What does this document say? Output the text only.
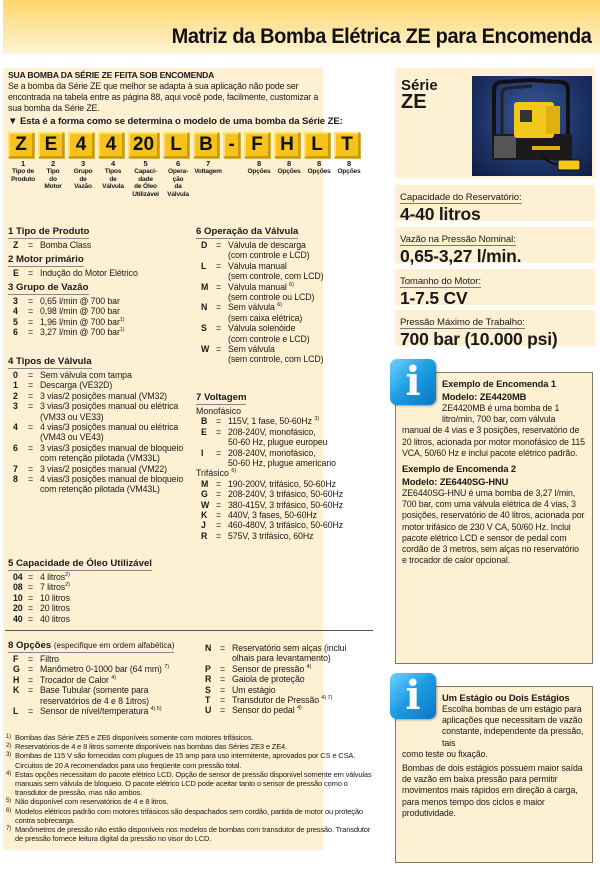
Matriz da Bomba Elétrica ZE para Encomenda
SUA BOMBA DA SÉRIE ZE FEITA SOB ENCOMENDA
Se a bomba da Série ZE que melhor se adapta à sua aplicação não pode ser encontrada na tabela entre as página 88, aqui você pode, facilmente, customizar a sua bomba da Série ZE.
▼ Esta é a forma como se determina o modelo de uma bomba da Série ZE:
Z E 4	4 20 L B - F H L T
1
Tipo de
Produto
2
Tipo
do
Motor
3
Grupo
de
Vazão
4
Tipos
de
Válvula
5
Capaci-
dade
de Óleo
Utilizável
6
Opera-
ção
da
Válvula
7
Voltagem
8
Opções
8
Opções
8
Opções
8
Opções
1 Tipo de Produto
Z	= Bomba Class
2 Motor primário
E	= Indução do Motor Elétrico
3 Grupo de Vazão
3	= 0,65 l/min @ 700 bar
4	= 0,98 l/min @ 700 bar
5	= 1,96 l/min @ 700 bar$^{1)}$
6	= 3,27 l/min @ 700 bar$^{1)}$
4 Tipos de Válvula
0	= Sem válvula com tampa
1	= Descarga (VE32D)
2	= 3 vias/2 posições manual (VM32)
3	= 3 vias/3 posições manual ou elétrica (VM33 ou VE33)
4	= 4 vias/3 posições manual ou elétrica (VM43 ou VE43)
6	= 3 vias/3 posições manual de bloqueio com retenção pilotada (VM33L)
7	= 3 vias/2 posições manual (VM22)
8	= 4 vias/3 posições manual de bloqueio com retenção pilotada (VM43L)
5 Capacidade de Óleo Utilizável
04 = 4 litros$^{2)}$
08 = 7 litros$^{2)}$
10 = 10 litros
20 = 20 litros
40 = 40 litros
6 Operação da Válvula
D = Válvula de descarga
(com controle e LCD)
L	= Válvula manual
(sem controle, com LCD)
M = Válvula manual $^{6)}$
(sem controle ou LCD)
N = Sem válvula $^{6)}$
(sem caixa elétrica)
S	= Válvula solenóide
(com controle e LCD)
W = Sem válvula
(sem controle, com LCD)
7 Voltagem
Monofásico
B = 115V, 1 fase, 50-60Hz $^{3)}$
E	= 208-240V, monofásico,
50-60 Hz, plugue europeu
I	= 208-240V, monofásico,
50-60 Hz, plugue americano
Trifásico $^{6)}$
M = 190-200V, trifásico, 50-60Hz
G = 208-240V, 3 trifásico, 50-60Hz
W = 380-415V, 3 trifásico, 50-60Hz
K = 440V, 3 fases, 50-60Hz
J	= 460-480V, 3 trifásico, 50-60Hz
R = 575V, 3 trifásico, 60Hz
8 Opções (especifique em ordem alfabética)
F	= Filtro
G = Manômetro 0-1000 bar (64 mm) $^{7)}$
H = Trocador de Calor $^{4)}$
K = Base Tubular (somente para
reservatórios de 4 e 8 1itros)
L	= Sensor de nível/temperatura $^{4) 5)}$
N = Reservatório sem alças (inclui
olhais para levantamento)
P	= Sensor de pressão $^{4)}$
R = Gaiola de proteção
S	= Um estágio
T	= Transdutor de Pressão $^{4) 7)}$
U = Sensor do pedal $^{4)}$
1) Bombas das Série ZE5 e ZE6 disponíveis somente com motores trifásicos.
2) Reservatórios de 4 e 8 litros somente disponíveis nas bombas das Séries ZE3 e ZE4.
3) Bombas de 115 V são fornecidas com plugues de 15 amp para uso intermitente, aprovados por CS e CSA. Circuitos de 20 A recomendados para uso freqüente com pressão total.
4) Estas opções necessitam do pacote elétrico LCD. Opção de sensor de pressão disponível somente em válvulas manuais sem válvula de bloqueio. O pacote elétrico LCD pode aceitar tanto o sensor de pressão como o transdutor de pressão, mas não ambos.
5) Não disponível com reservatórios de 4 e 8 litros.
6) Modelos elétricos padrão com motores trifásicos são despachados sem cordão, partida de motor ou proteção contra sobrecarga.
7) Manômetros de pressão não estão disponíveis nos modelos de bombas com transdutor de pressão. Transdutor de pressão fornece leitura digital da pressão no visor do LCD.
Série
ZE
Capacidade do Reservatório:
4-40 litros
Vazão na Pressão Nominal:
0,65-3,27 l/min.
Tomanho do Motor:
1-7.5 CV
Pressão Máximo de Trabalho:
700 bar (10.000 psi)
i	Exemplo de Encomenda 1
Modelo: ZE4420MB
ZE4420MB é uma bomba de 1 litro/min, 700 bar, com válvula
manual de 4 vias e 3 posições, reservatório de 20 litros, acionada por motor monofásico de 115 VCA, 50/60 Hz e inclui pacote elétrico padrão.
Exemplo de Encomenda 2
Modelo: ZE6440SG-HNU
ZE6440SG-HNU é uma bomba de 3,27 l/min, 700 bar, com uma válvula elétrica de 4 vias, 3 posições, reservatório de 40 litros, acionada por motor trifásico de 230 V CA, 50/60 Hz. Inclui pacote elétrico LCD e sensor de pedal com cordão de 3 metros, sem alças no reservatório e trocador de calor opcional.
i	Um Estágio ou Dois Estágios
Escolha bombas de um estágio para aplicações que necessitam de vazão constante, independente da pressão, tais
como teste ou fixação.
Bombas de dois estágios possuem maior saída de vazão em baixa pressão para permitir movimentos mais rápidos em direção à carga, para menos tempo dos ciclos e maior produtividade.
